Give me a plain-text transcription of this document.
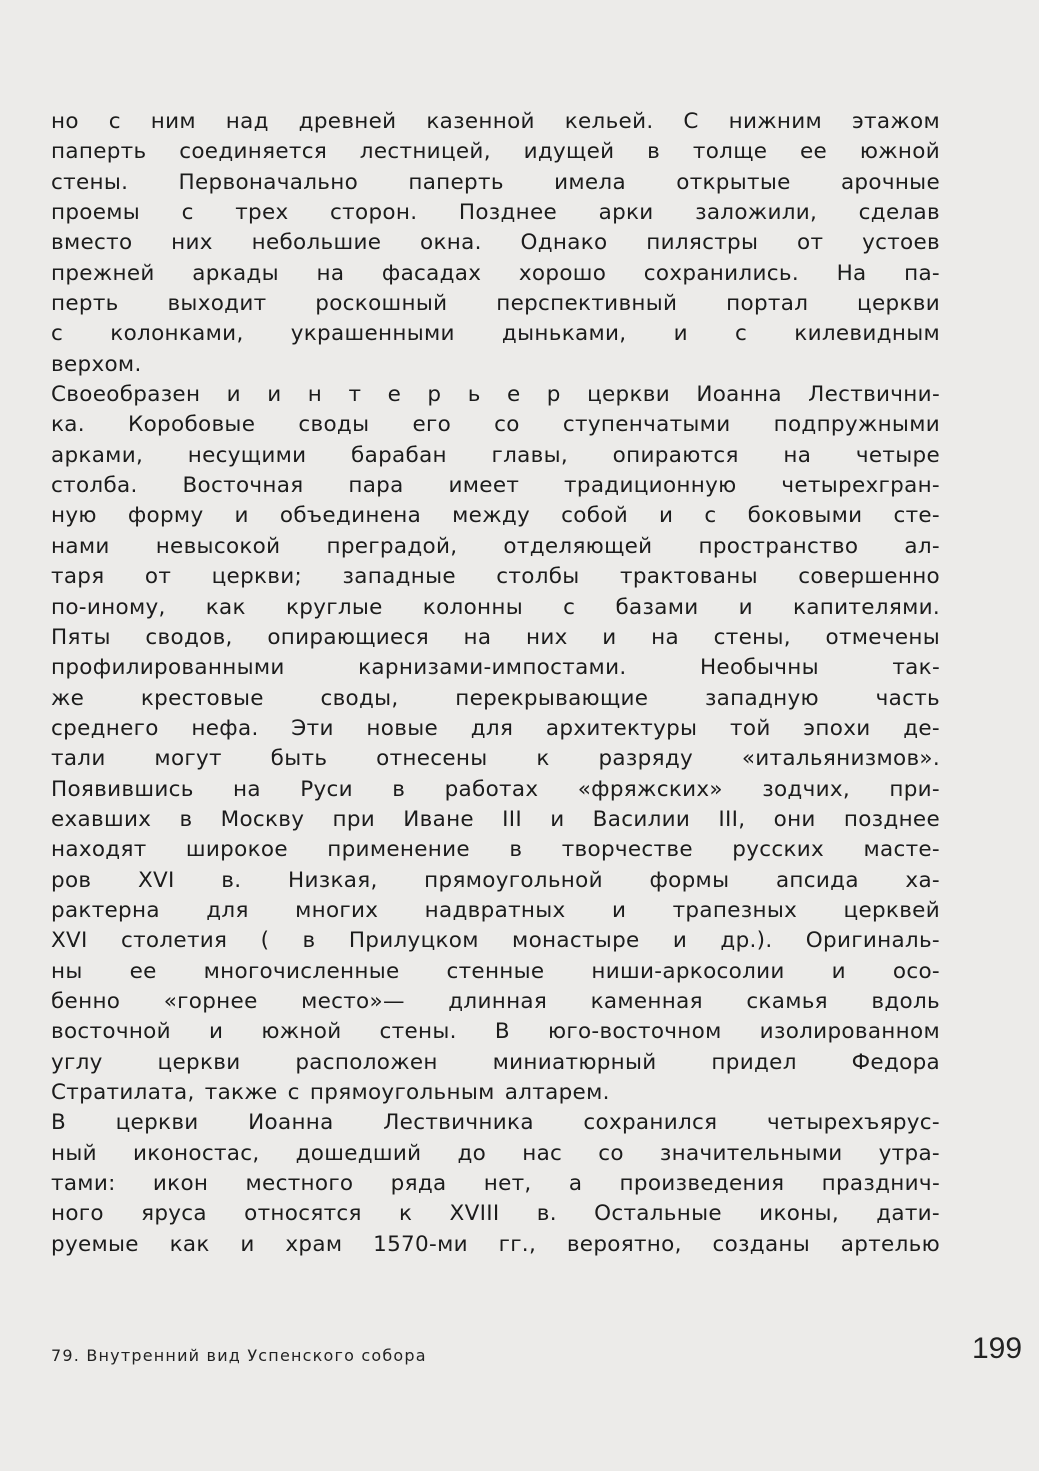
но с ним над древней казенной кельей. С нижним этажом
паперть соединяется лестницей, идущей в толще ее южной
стены. Первоначально паперть имела открытые арочные
проемы с трех сторон. Позднее арки заложили, сделав
вместо них небольшие окна. Однако пилястры от устоев
прежней аркады на фасадах хорошо сохранились. На па-
перть выходит роскошный перспективный портал церкви
с колонками, украшенными дыньками, и с килевидным
верхом.
Своеобразен и и н т е р ь е р церкви Иоанна Лествични-
ка. Коробовые своды его со ступенчатыми подпружными
арками, несущими барабан главы, опираются на четыре
столба. Восточная пара имеет традиционную четырехгран-
ную форму и объединена между собой и с боковыми сте-
нами невысокой преградой, отделяющей пространство ал-
таря от церкви; западные столбы трактованы совершенно
по-иному, как круглые колонны с базами и капителями.
Пяты сводов, опирающиеся на них и на стены, отмечены
профилированными карнизами-импостами. Необычны так-
же крестовые своды, перекрывающие западную часть
среднего нефа. Эти новые для архитектуры той эпохи де-
тали могут быть отнесены к разряду «итальянизмов».
Появившись на Руси в работах «фряжских» зодчих, при-
ехавших в Москву при Иване III и Василии III, они позднее
находят широкое применение в творчестве русских масте-
ров XVI в. Низкая, прямоугольной формы апсида ха-
рактерна для многих надвратных и трапезных церквей
XVI столетия ( в Прилуцком монастыре и др.). Оригиналь-
ны ее многочисленные стенные ниши-аркосолии и осо-
бенно «горнее место»— длинная каменная скамья вдоль
восточной и южной стены. В юго-восточном изолированном
углу церкви расположен миниатюрный придел Федора
Стратилата, также с прямоугольным алтарем.
В церкви Иоанна Лествичника сохранился четырехъярус-
ный иконостас, дошедший до нас со значительными утра-
тами: икон местного ряда нет, а произведения празднич-
ного яруса относятся к XVIII в. Остальные иконы, дати-
руемые как и храм 1570-ми гг., вероятно, созданы артелью
79. Внутренний вид Успенского собора	199
